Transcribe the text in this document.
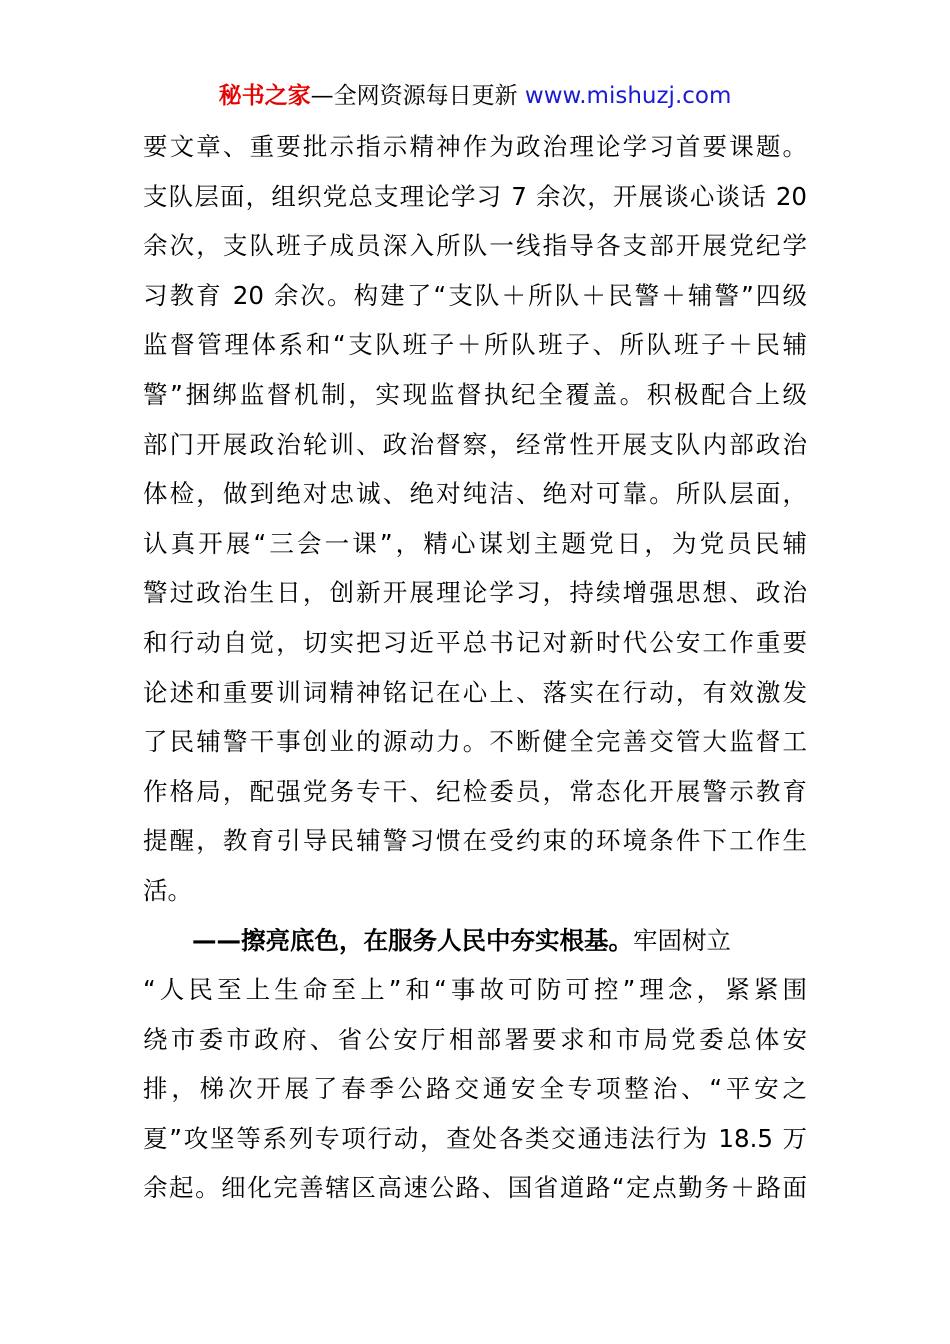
秘书之家—全网资源每日更新 www.mishuzj.com
要文章、重要批示指示精神作为政治理论学习首要课题。
支队层面，组织党总支理论学习 7 余次，开展谈心谈话 20
余次，支队班子成员深入所队一线指导各支部开展党纪学
习教育 20 余次。构建了“支队＋所队＋民警＋辅警”四级
监督管理体系和“支队班子＋所队班子、所队班子＋民辅
警”捆绑监督机制，实现监督执纪全覆盖。积极配合上级
部门开展政治轮训、政治督察，经常性开展支队内部政治
体检，做到绝对忠诚、绝对纯洁、绝对可靠。所队层面，
认真开展“三会一课”，精心谋划主题党日，为党员民辅
警过政治生日，创新开展理论学习，持续增强思想、政治
和行动自觉，切实把习近平总书记对新时代公安工作重要
论述和重要训词精神铭记在心上、落实在行动，有效激发
了民辅警干事创业的源动力。不断健全完善交管大监督工
作格局，配强党务专干、纪检委员，常态化开展警示教育
提醒，教育引导民辅警习惯在受约束的环境条件下工作生
活。
——擦亮底色，在服务人民中夯实根基。牢固树立
“人民至上生命至上”和“事故可防可控”理念，紧紧围
绕市委市政府、省公安厅相部署要求和市局党委总体安
排，梯次开展了春季公路交通安全专项整治、“平安之
夏”攻坚等系列专项行动，查处各类交通违法行为 18.5 万
余起。细化完善辖区高速公路、国省道路“定点勤务＋路面
